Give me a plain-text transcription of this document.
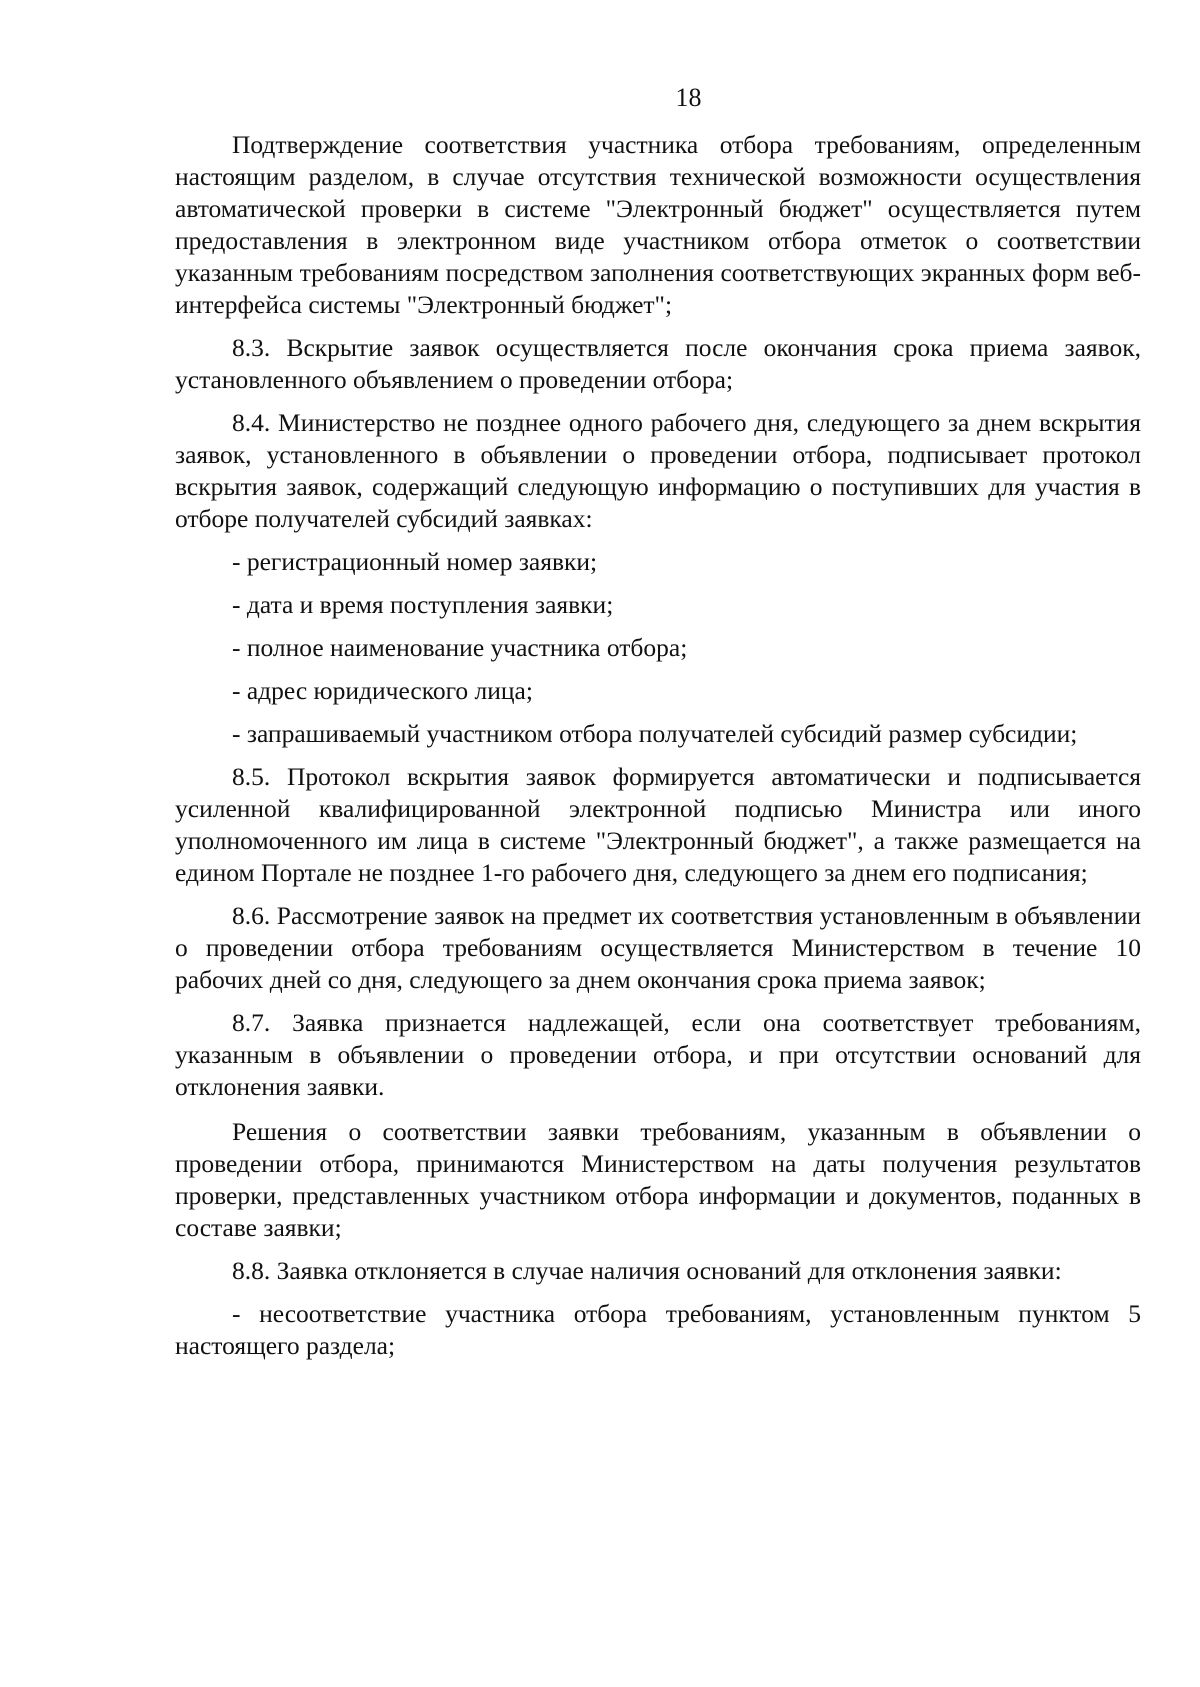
18

Подтверждение соответствия участника отбора требованиям, определенным настоящим разделом, в случае отсутствия технической возможности осуществления автоматической проверки в системе "Электронный бюджет" осуществляется путем предоставления в электронном виде участником отбора отметок о соответствии указанным требованиям посредством заполнения соответствующих экранных форм веб-интерфейса системы "Электронный бюджет";

8.3. Вскрытие заявок осуществляется после окончания срока приема заявок, установленного объявлением о проведении отбора;

8.4. Министерство не позднее одного рабочего дня, следующего за днем вскрытия заявок, установленного в объявлении о проведении отбора, подписывает протокол вскрытия заявок, содержащий следующую информацию о поступивших для участия в отборе получателей субсидий заявках:

- регистрационный номер заявки;

- дата и время поступления заявки;

- полное наименование участника отбора;

- адрес юридического лица;

- запрашиваемый участником отбора получателей субсидий размер субсидии;

8.5. Протокол вскрытия заявок формируется автоматически и подписывается усиленной квалифицированной электронной подписью Министра или иного уполномоченного им лица в системе "Электронный бюджет", а также размещается на едином Портале не позднее 1-го рабочего дня, следующего за днем его подписания;

8.6. Рассмотрение заявок на предмет их соответствия установленным в объявлении о проведении отбора требованиям осуществляется Министерством в течение 10 рабочих дней со дня, следующего за днем окончания срока приема заявок;

8.7. Заявка признается надлежащей, если она соответствует требованиям, указанным в объявлении о проведении отбора, и при отсутствии оснований для отклонения заявки.

Решения о соответствии заявки требованиям, указанным в объявлении о проведении отбора, принимаются Министерством на даты получения результатов проверки, представленных участником отбора информации и документов, поданных в составе заявки;

8.8. Заявка отклоняется в случае наличия оснований для отклонения заявки:

- несоответствие участника отбора требованиям, установленным пунктом 5 настоящего раздела;
